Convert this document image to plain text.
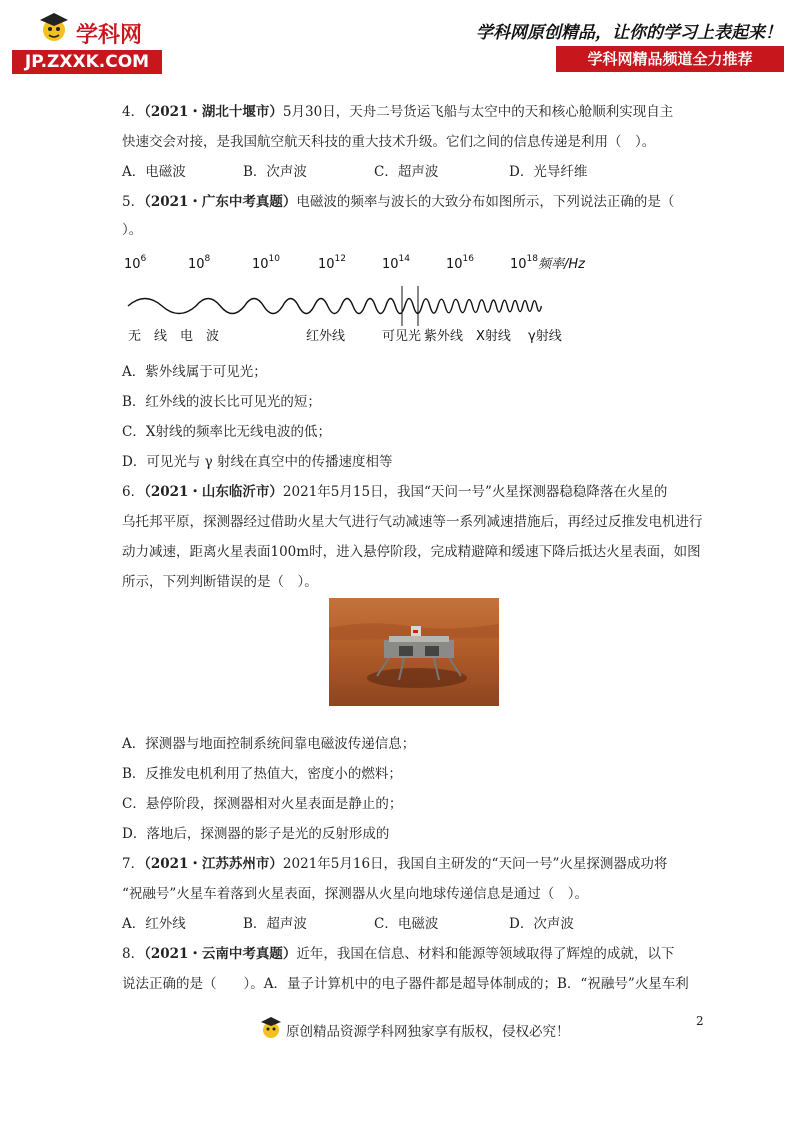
学科网
JP.ZXXK.COM
学科网原创精品，让你的学习上表起来！
学科网精品频道全力推荐
4．（2021・湖北十堰市）5月30日，天舟二号货运飞船与太空中的天和核心舱顺利实现自主
快速交会对接，是我国航空航天科技的重大技术升级。它们之间的信息传递是利用（　）。
A．电磁波	B．次声波	C．超声波	D．光导纤维
5．（2021・广东中考真题）电磁波的频率与波长的大致分布如图所示，下列说法正确的是（
）。
$10^6$	$10^8$	$10^{10}$	$10^{12}$	$10^{14}$	$10^{16}$	$10^{18}$ 频率/Hz
无　线　电　波	红外线	可见光 紫外线 X射线 γ射线
A．紫外线属于可见光；
B．红外线的波长比可见光的短；
C．X射线的频率比无线电波的低；
D．可见光与 γ 射线在真空中的传播速度相等
6．（2021・山东临沂市）2021年5月15日，我国“天问一号”火星探测器稳稳降落在火星的
乌托邦平原，探测器经过借助火星大气进行气动减速等一系列减速措施后，再经过反推发电机进行
动力减速，距离火星表面100m时，进入悬停阶段，完成精避障和缓速下降后抵达火星表面，如图
所示，下列判断错误的是（　）。
A．探测器与地面控制系统间靠电磁波传递信息；
B．反推发电机利用了热值大，密度小的燃料；
C．悬停阶段，探测器相对火星表面是静止的；
D．落地后，探测器的影子是光的反射形成的
7．（2021・江苏苏州市）2021年5月16日，我国自主研发的“天问一号”火星探测器成功将
“祝融号”火星车着落到火星表面，探测器从火星向地球传递信息是通过（　）。
A．红外线	B．超声波	C．电磁波	D．次声波
8．（2021・云南中考真题）近年，我国在信息、材料和能源等领域取得了辉煌的成就，以下
说法正确的是（　　）。A．量子计算机中的电子器件都是超导体制成的；B．“祝融号”火星车利
2
原创精品资源学科网独家享有版权，侵权必究！
